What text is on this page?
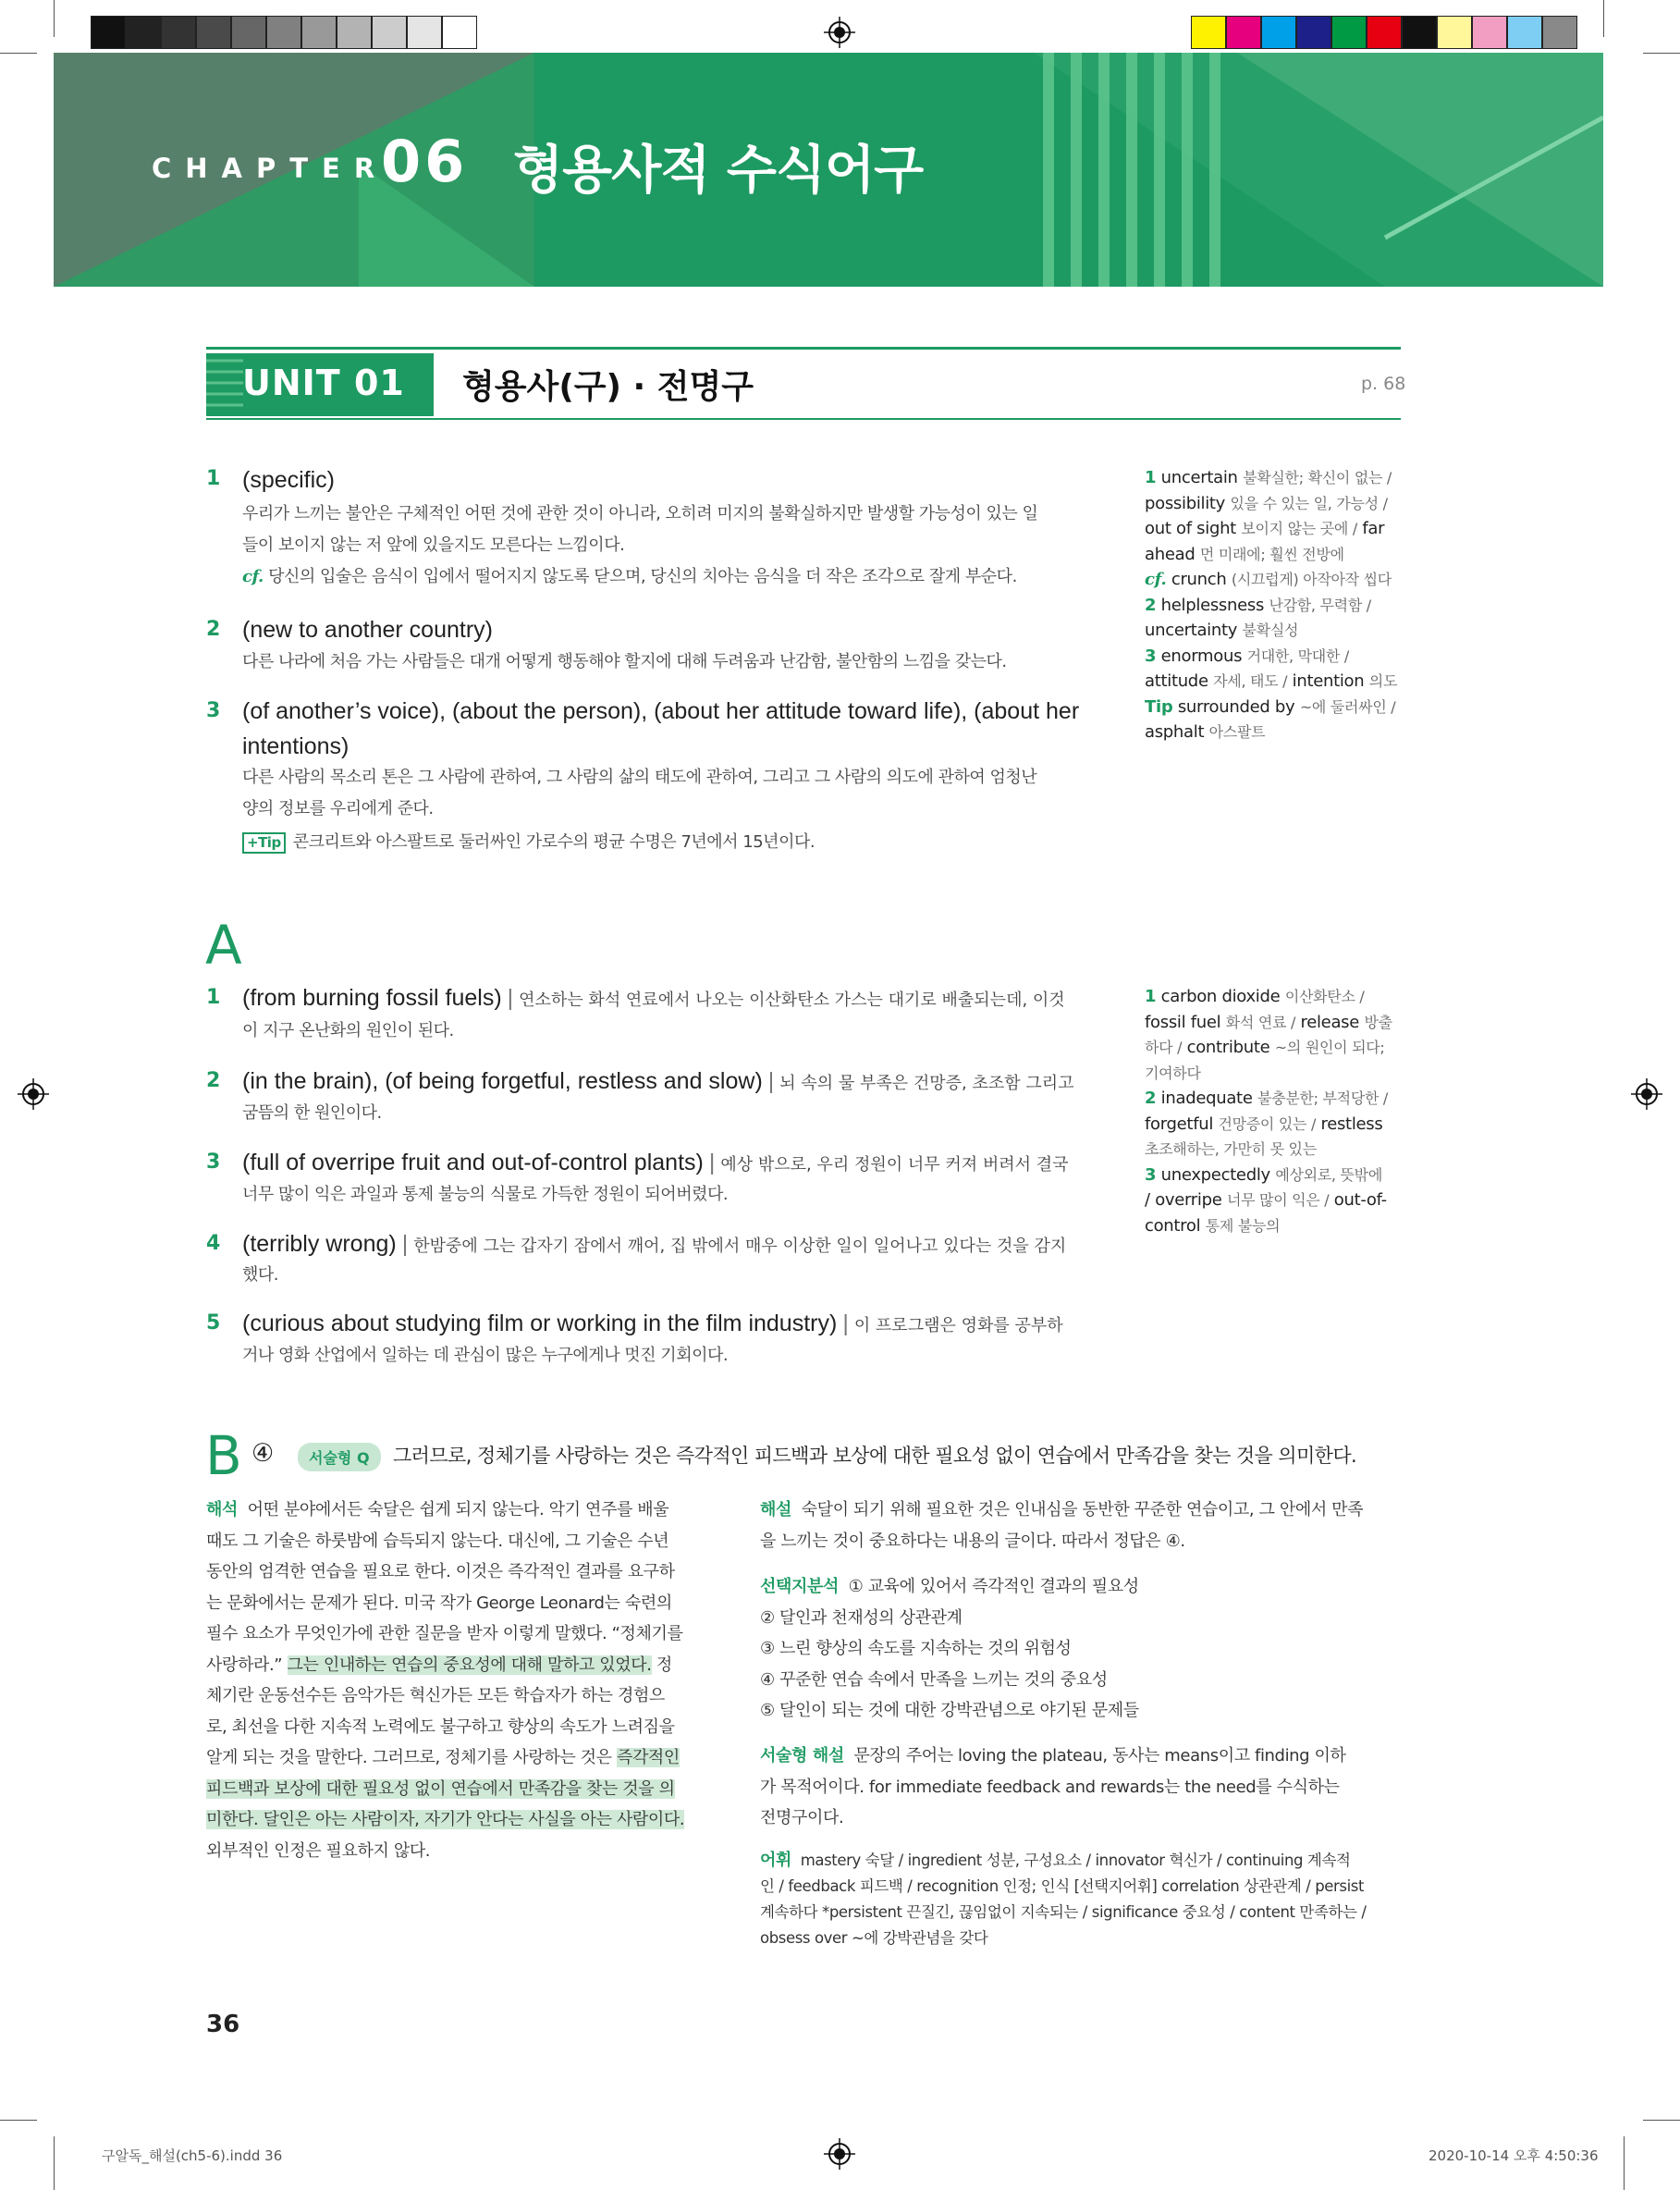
CHAPTER
06 형용사적 수식어구
UNIT 01 형용사(구) · 전명구	p. 68
1 (specific)
우리가 느끼는 불안은 구체적인 어떤 것에 관한 것이 아니라, 오히려 미지의 불확실하지만 발생할 가능성이 있는 일
들이 보이지 않는 저 앞에 있을지도 모른다는 느낌이다.
cf. 당신의 입술은 음식이 입에서 떨어지지 않도록 닫으며, 당신의 치아는 음식을 더 작은 조각으로 잘게 부순다.
2 (new to another country)
다른 나라에 처음 가는 사람들은 대개 어떻게 행동해야 할지에 대해 두려움과 난감함, 불안함의 느낌을 갖는다.
3 (of another’s voice), (about the person), (about her attitude toward life), (about her
intentions)
다른 사람의 목소리 톤은 그 사람에 관하여, 그 사람의 삶의 태도에 관하여, 그리고 그 사람의 의도에 관하여 엄청난
양의 정보를 우리에게 준다.
+Tip 콘크리트와 아스팔트로 둘러싸인 가로수의 평균 수명은 7년에서 15년이다.
1 uncertain 불확실한; 확신이 없는 /
possibility 있을 수 있는 일, 가능성 /
out of sight 보이지 않는 곳에 / far
ahead 먼 미래에; 훨씬 전방에
cf. crunch (시끄럽게) 아작아작 씹다
2 helplessness 난감함, 무력함 /
uncertainty 불확실성
3 enormous 거대한, 막대한 /
attitude 자세, 태도 / intention 의도
Tip surrounded by ~에 둘러싸인 /
asphalt 아스팔트
A
1 (from burning fossil fuels) | 연소하는 화석 연료에서 나오는 이산화탄소 가스는 대기로 배출되는데, 이것
이 지구 온난화의 원인이 된다.
2 (in the brain), (of being forgetful, restless and slow) | 뇌 속의 물 부족은 건망증, 초조함 그리고
굼뜸의 한 원인이다.
3 (full of overripe fruit and out-of-control plants) | 예상 밖으로, 우리 정원이 너무 커져 버려서 결국
너무 많이 익은 과일과 통제 불능의 식물로 가득한 정원이 되어버렸다.
4 (terribly wrong) | 한밤중에 그는 갑자기 잠에서 깨어, 집 밖에서 매우 이상한 일이 일어나고 있다는 것을 감지
했다.
5 (curious about studying film or working in the film industry) | 이 프로그램은 영화를 공부하
거나 영화 산업에서 일하는 데 관심이 많은 누구에게나 멋진 기회이다.
1 carbon dioxide 이산화탄소 /
fossil fuel 화석 연료 / release 방출
하다 / contribute ~의 원인이 되다;
기여하다
2 inadequate 불충분한; 부적당한 /
forgetful 건망증이 있는 / restless
초조해하는, 가만히 못 있는
3 unexpectedly 예상외로, 뜻밖에
/ overripe 너무 많이 익은 / out-of-
control 통제 불능의
B ④	서술형 Q	그러므로, 정체기를 사랑하는 것은 즉각적인 피드백과 보상에 대한 필요성 없이 연습에서 만족감을 찾는 것을 의미한다.
해석 어떤 분야에서든 숙달은 쉽게 되지 않는다. 악기 연주를 배울
때도 그 기술은 하룻밤에 습득되지 않는다. 대신에, 그 기술은 수년
동안의 엄격한 연습을 필요로 한다. 이것은 즉각적인 결과를 요구하
는 문화에서는 문제가 된다. 미국 작가 George Leonard는 숙련의
필수 요소가 무엇인가에 관한 질문을 받자 이렇게 말했다. “정체기를
사랑하라.” 그는 인내하는 연습의 중요성에 대해 말하고 있었다. 정
체기란 운동선수든 음악가든 혁신가든 모든 학습자가 하는 경험으
로, 최선을 다한 지속적 노력에도 불구하고 향상의 속도가 느려짐을
알게 되는 것을 말한다. 그러므로, 정체기를 사랑하는 것은 즉각적인
피드백과 보상에 대한 필요성 없이 연습에서 만족감을 찾는 것을 의
미한다. 달인은 아는 사람이자, 자기가 안다는 사실을 아는 사람이다.
외부적인 인정은 필요하지 않다.
해설 숙달이 되기 위해 필요한 것은 인내심을 동반한 꾸준한 연습이고, 그 안에서 만족
을 느끼는 것이 중요하다는 내용의 글이다. 따라서 정답은 ④.
선택지분석 ① 교육에 있어서 즉각적인 결과의 필요성
② 달인과 천재성의 상관관계
③ 느린 향상의 속도를 지속하는 것의 위험성
④ 꾸준한 연습 속에서 만족을 느끼는 것의 중요성
⑤ 달인이 되는 것에 대한 강박관념으로 야기된 문제들
서술형 해설 문장의 주어는 loving the plateau, 동사는 means이고 finding 이하
가 목적어이다. for immediate feedback and rewards는 the need를 수식하는
전명구이다.
어휘 mastery 숙달 / ingredient 성분, 구성요소 / innovator 혁신가 / continuing 계속적
인 / feedback 피드백 / recognition 인정; 인식 [선택지어휘] correlation 상관관계 / persist
계속하다 *persistent 끈질긴, 끊임없이 지속되는 / significance 중요성 / content 만족하는 /
obsess over ~에 강박관념을 갖다
36
구알독_해설(ch5-6).indd 36	2020-10-14 오후 4:50:36
